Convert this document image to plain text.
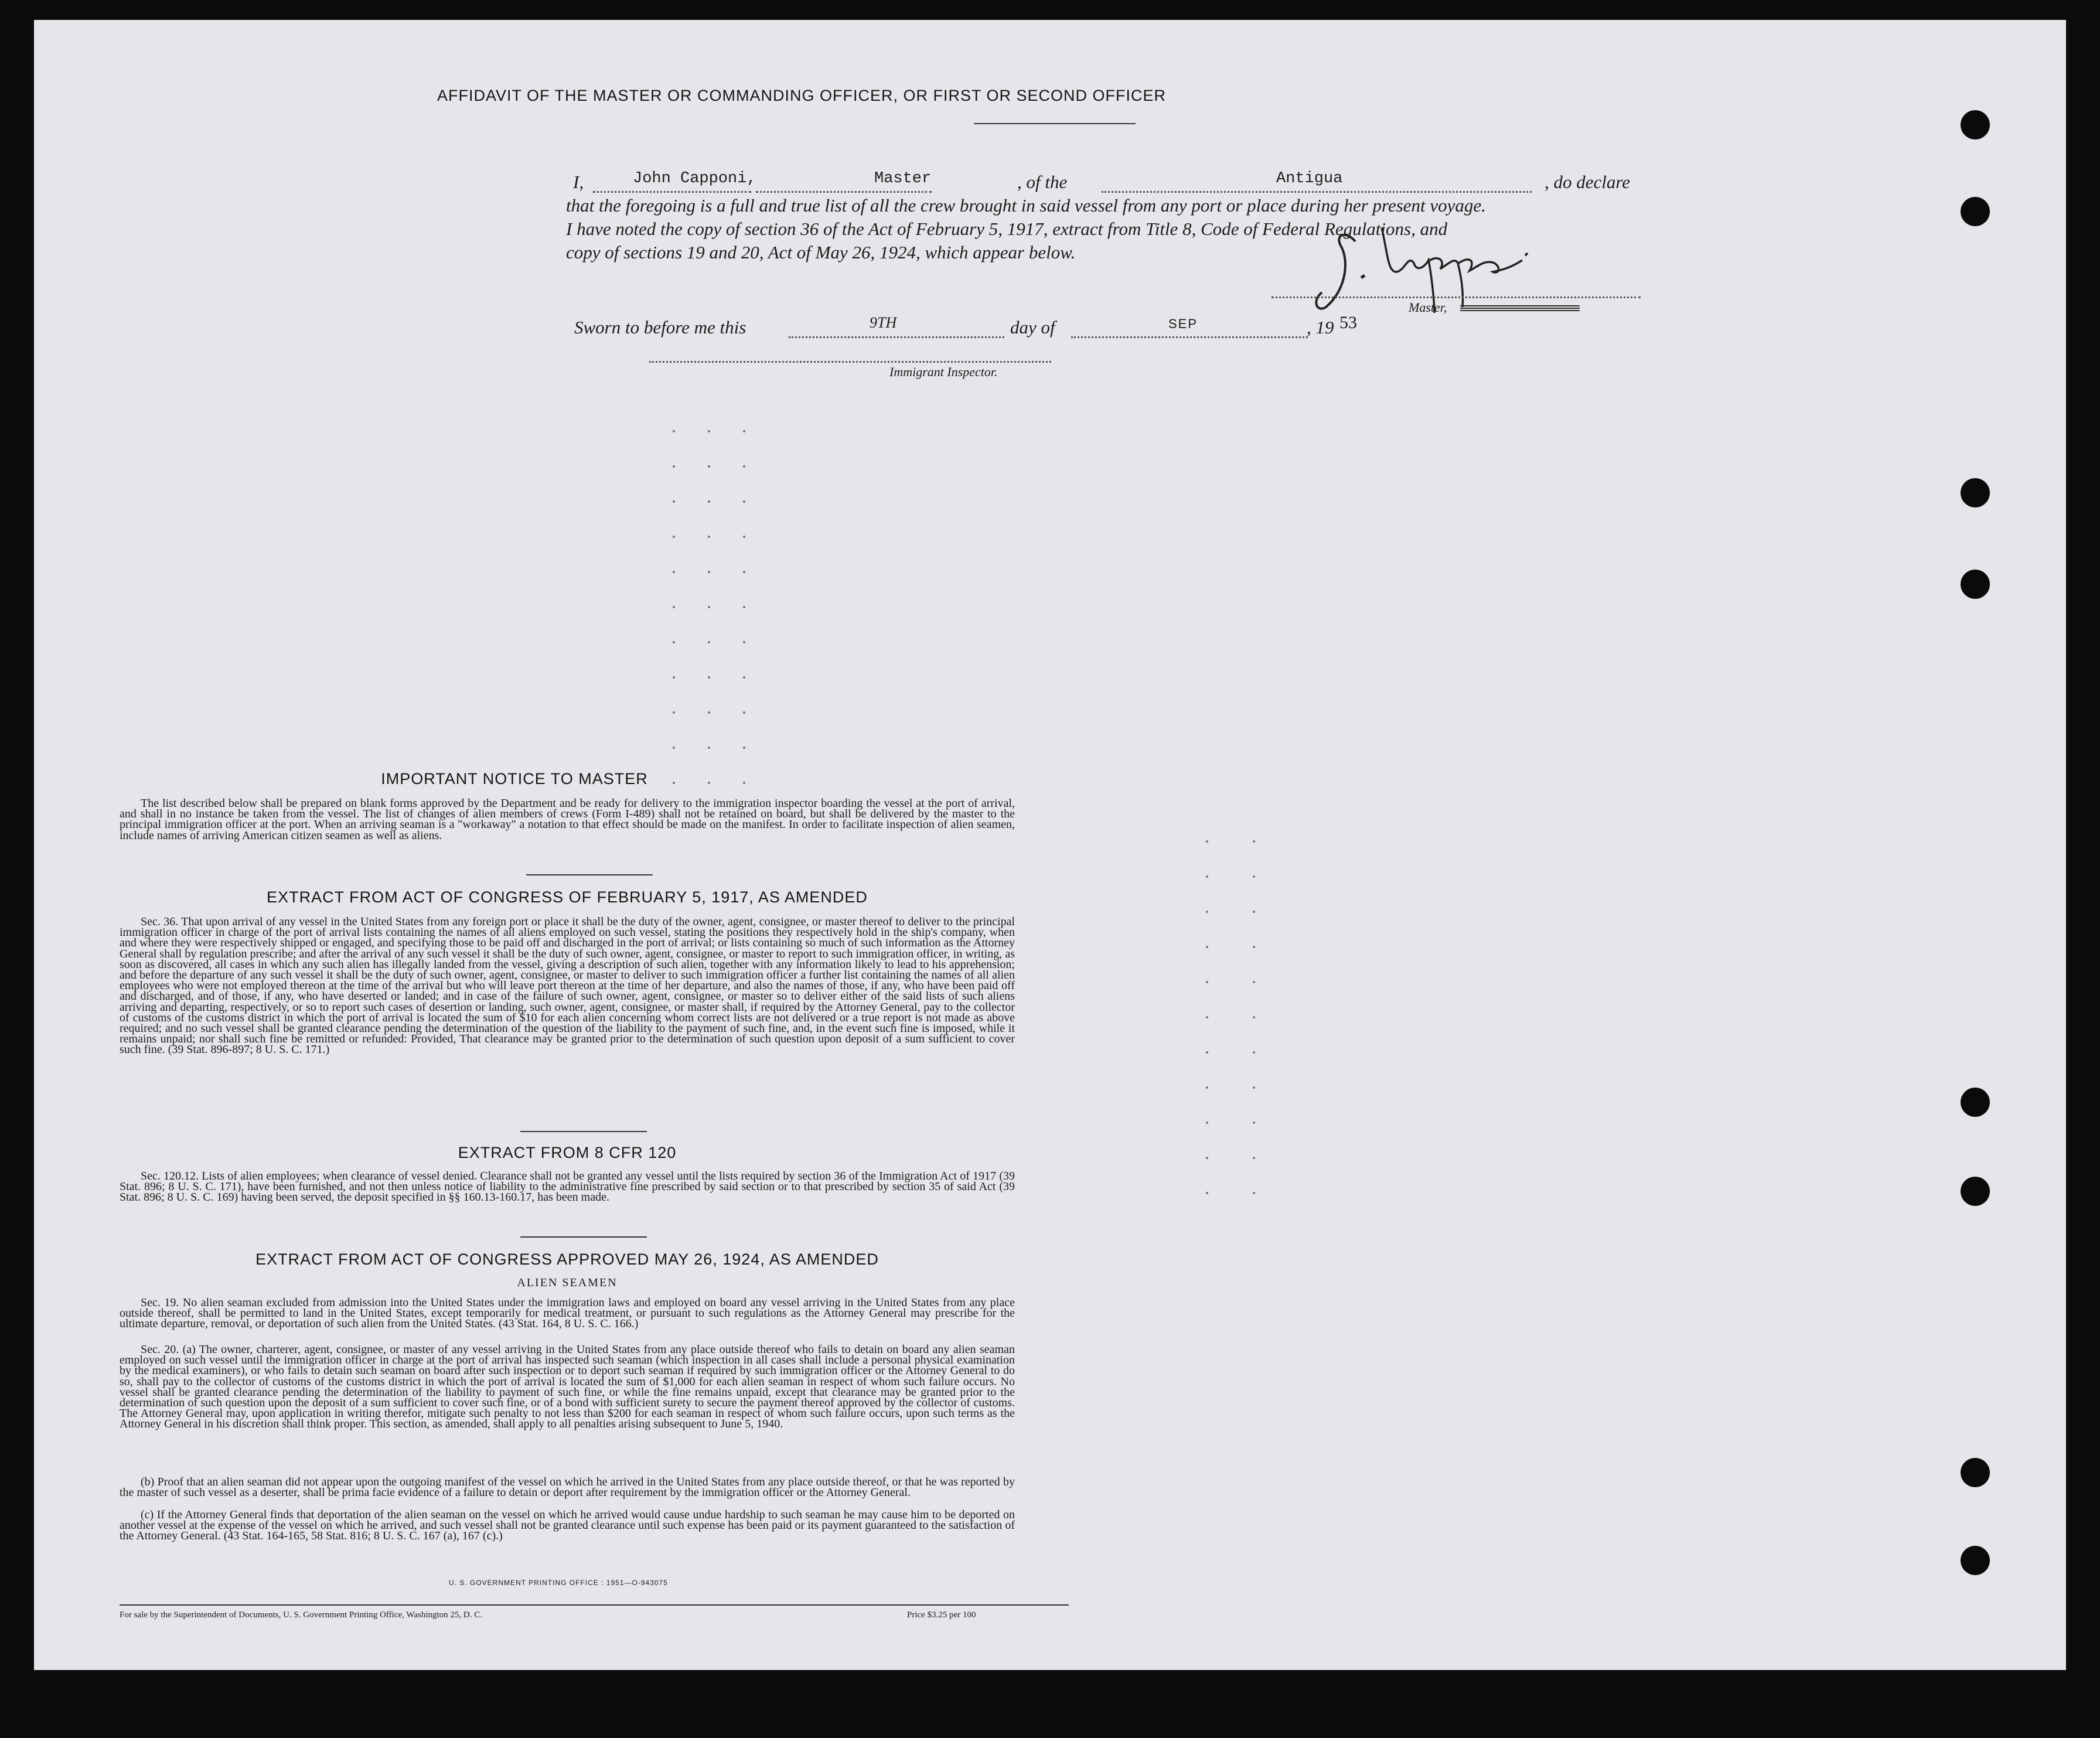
AFFIDAVIT OF THE MASTER OR COMMANDING OFFICER, OR FIRST OR SECOND OFFICER
I,	John Capponi,	Master	, of the	Antigua	, do declare
that the foregoing is a full and true list of all the crew brought in said vessel from any port or place during her present voyage.
I have noted the copy of section 36 of the Act of February 5, 1917, extract from Title 8, Code of Federal Regulations, and
copy of sections 19 and 20, Act of May 26, 1924, which appear below.
Master,
Sworn to before me this	9TH	day of	SEP	, 19 53
Immigrant Inspector.
IMPORTANT NOTICE TO MASTER
The list described below shall be prepared on blank forms approved by the Department and be ready for delivery to the immigration inspector boarding the vessel at the port of arrival, and shall in no instance be taken from the vessel. The list of changes of alien members of crews (Form I-489) shall not be retained on board, but shall be delivered by the master to the principal immigration officer at the port. When an arriving seaman is a "workaway" a notation to that effect should be made on the manifest. In order to facilitate inspection of alien seamen, include names of arriving American citizen seamen as well as aliens.
EXTRACT FROM ACT OF CONGRESS OF FEBRUARY 5, 1917, AS AMENDED
Sec. 36. That upon arrival of any vessel in the United States from any foreign port or place it shall be the duty of the owner, agent, consignee, or master thereof to deliver to the principal immigration officer in charge of the port of arrival lists containing the names of all aliens employed on such vessel, stating the positions they respectively hold in the ship's company, when and where they were respectively shipped or engaged, and specifying those to be paid off and discharged in the port of arrival; or lists containing so much of such information as the Attorney General shall by regulation prescribe; and after the arrival of any such vessel it shall be the duty of such owner, agent, consignee, or master to report to such immigration officer, in writing, as soon as discovered, all cases in which any such alien has illegally landed from the vessel, giving a description of such alien, together with any information likely to lead to his apprehension; and before the departure of any such vessel it shall be the duty of such owner, agent, consignee, or master to deliver to such immigration officer a further list containing the names of all alien employees who were not employed thereon at the time of the arrival but who will leave port thereon at the time of her departure, and also the names of those, if any, who have been paid off and discharged, and of those, if any, who have deserted or landed; and in case of the failure of such owner, agent, consignee, or master so to deliver either of the said lists of such aliens arriving and departing, respectively, or so to report such cases of desertion or landing, such owner, agent, consignee, or master shall, if required by the Attorney General, pay to the collector of customs of the customs district in which the port of arrival is located the sum of $10 for each alien concerning whom correct lists are not delivered or a true report is not made as above required; and no such vessel shall be granted clearance pending the determination of the question of the liability to the payment of such fine, and, in the event such fine is imposed, while it remains unpaid; nor shall such fine be remitted or refunded: Provided, That clearance may be granted prior to the determination of such question upon deposit of a sum sufficient to cover such fine. (39 Stat. 896-897; 8 U. S. C. 171.)
EXTRACT FROM 8 CFR 120
Sec. 120.12. Lists of alien employees; when clearance of vessel denied. Clearance shall not be granted any vessel until the lists required by section 36 of the Immigration Act of 1917 (39 Stat. 896; 8 U. S. C. 171), have been furnished, and not then unless notice of liability to the administrative fine prescribed by said section or to that prescribed by section 35 of said Act (39 Stat. 896; 8 U. S. C. 169) having been served, the deposit specified in §§ 160.13-160.17, has been made.
EXTRACT FROM ACT OF CONGRESS APPROVED MAY 26, 1924, AS AMENDED
ALIEN SEAMEN
Sec. 19. No alien seaman excluded from admission into the United States under the immigration laws and employed on board any vessel arriving in the United States from any place outside thereof, shall be permitted to land in the United States, except temporarily for medical treatment, or pursuant to such regulations as the Attorney General may prescribe for the ultimate departure, removal, or deportation of such alien from the United States. (43 Stat. 164, 8 U. S. C. 166.)
Sec. 20. (a) The owner, charterer, agent, consignee, or master of any vessel arriving in the United States from any place outside thereof who fails to detain on board any alien seaman employed on such vessel until the immigration officer in charge at the port of arrival has inspected such seaman (which inspection in all cases shall include a personal physical examination by the medical examiners), or who fails to detain such seaman on board after such inspection or to deport such seaman if required by such immigration officer or the Attorney General to do so, shall pay to the collector of customs of the customs district in which the port of arrival is located the sum of $1,000 for each alien seaman in respect of whom such failure occurs. No vessel shall be granted clearance pending the determination of the liability to payment of such fine, or while the fine remains unpaid, except that clearance may be granted prior to the determination of such question upon the deposit of a sum sufficient to cover such fine, or of a bond with sufficient surety to secure the payment thereof approved by the collector of customs. The Attorney General may, upon application in writing therefor, mitigate such penalty to not less than $200 for each seaman in respect of whom such failure occurs, upon such terms as the Attorney General in his discretion shall think proper. This section, as amended, shall apply to all penalties arising subsequent to June 5, 1940.
(b) Proof that an alien seaman did not appear upon the outgoing manifest of the vessel on which he arrived in the United States from any place outside thereof, or that he was reported by the master of such vessel as a deserter, shall be prima facie evidence of a failure to detain or deport after requirement by the immigration officer or the Attorney General.
(c) If the Attorney General finds that deportation of the alien seaman on the vessel on which he arrived would cause undue hardship to such seaman he may cause him to be deported on another vessel at the expense of the vessel on which he arrived, and such vessel shall not be granted clearance until such expense has been paid or its payment guaranteed to the satisfaction of the Attorney General. (43 Stat. 164-165, 58 Stat. 816; 8 U. S. C. 167 (a), 167 (c).)
U. S. GOVERNMENT PRINTING OFFICE : 1951—O-943075
For sale by the Superintendent of Documents, U. S. Government Printing Office, Washington 25, D. C.	Price $3.25 per 100
